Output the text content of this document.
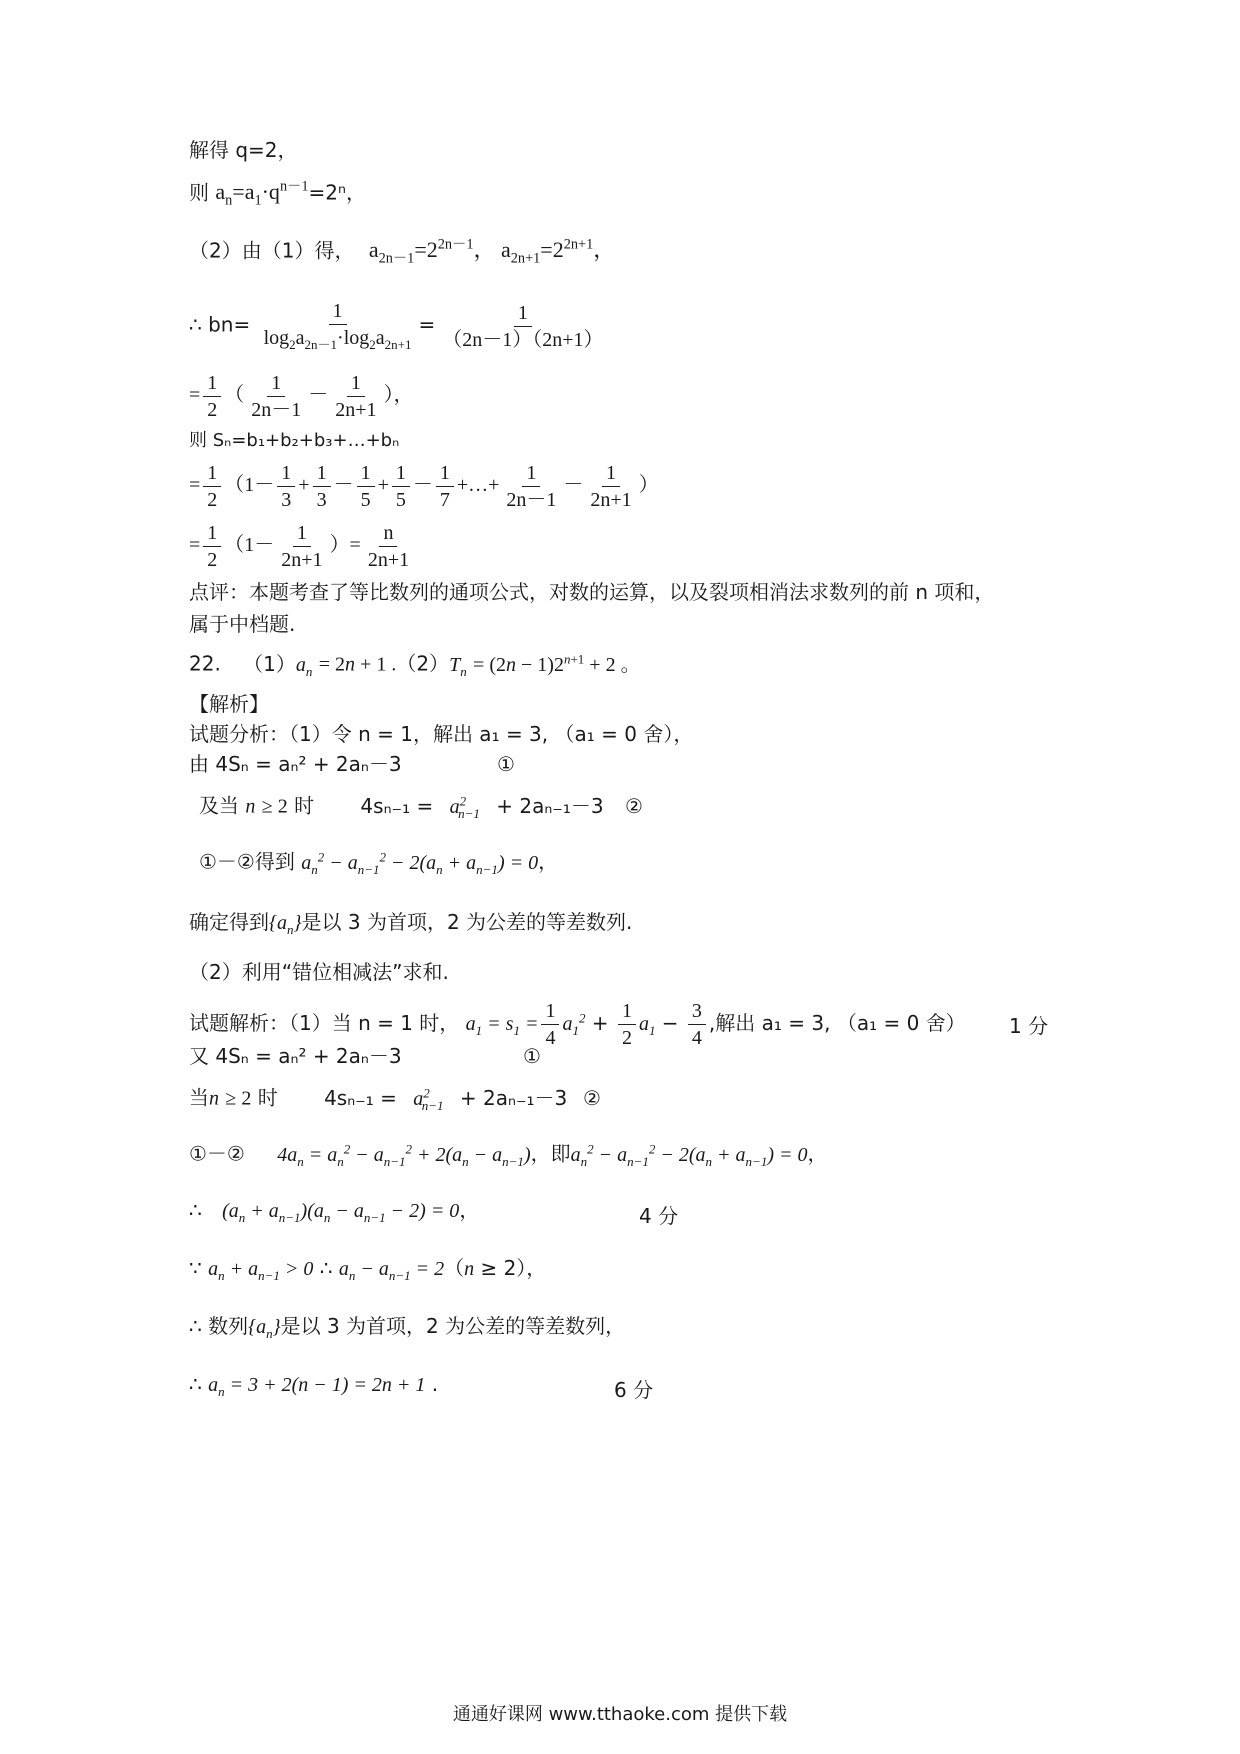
解得 q=2，
则 $a_n=a_1\cdot q^{n-1}=2^n$，
（2）由（1）得， $a_{2n-1}=2^{2n-1}$， $a_{2n+1}=2^{2n+1}$，
∴ $bn= \frac{1}{\log_2a_{2n-1}\cdot\log_2a_{2n+1}} = \frac{1}{(2n-1)(2n+1)}$
= $\frac{1}{2}$ （ $\frac{1}{2n-1} - \frac{1}{2n+1}$ ），
则 Sₙ=b₁+b₂+b₃+…+bₙ
= $\frac{1}{2} (1- \frac{1}{3} + \frac{1}{3} - \frac{1}{5} + \frac{1}{5} - \frac{1}{7}$ +…+ $\frac{1}{2n-1} - \frac{1}{2n+1}$ ）
= $\frac{1}{2} (1- \frac{1}{2n+1}$ ）= $\frac{n}{2n+1}$
点评：本题考查了等比数列的通项公式，对数的运算，以及裂项相消法求数列的前 n 项和，
属于中档题.
22. $(1)a_n = 2n + 1$ $.(2)T_n = (2n - 1)2^{n+1} + 2$ 。
【解析】
试题分析：（1）令 n = 1，解出 a₁ = 3, （a₁ = 0 舍），
由 4Sₙ = aₙ² + 2aₙ－3	①
及当 n ≥ 2 时 $4s_{n-1} = a^2_{n-1} + 2a_{n-1}-3$ ②
①－②得到 $a_n^2 - a_{n-1}^2 - 2(a_n + a_{n-1}) = 0$，
确定得到$\{a_n\}$是以 3 为首项，2 为公差的等差数列.
（2）利用“错位相减法”求和.
试题解析：（1）当 n = 1 时， $a_1 = s_1 = \frac{1}{4} a_1^2 + \frac{1}{2} a_1 - \frac{3}{4}$ ,解出 a₁ = 3, （a₁ = 0 舍） 1 分
又 4Sₙ = aₙ² + 2aₙ－3	①
当n ≥ 2 时 $4s_{n-1} = a^2_{n-1} + 2a_{n-1}-3$ ②
①－② $4a_n = a_n^2 - a_{n-1}^2 + 2(a_n - a_{n-1})$，即$a_n^2 - a_{n-1}^2 - 2(a_n + a_{n-1}) = 0$，
∴ $(a_n + a_{n-1})(a_n - a_{n-1} - 2) = 0$，	4 分
∵ $a_n + a_{n-1} > 0$ ∴ $a_n - a_{n-1} = 2(n \ge 2)$，
∴ 数列$\{a_n\}$是以 3 为首项，2 为公差的等差数列，
∴ $a_n = 3 + 2(n - 1) = 2n + 1$ .	6 分
通通好课网 www.tthaoke.com 提供下载
